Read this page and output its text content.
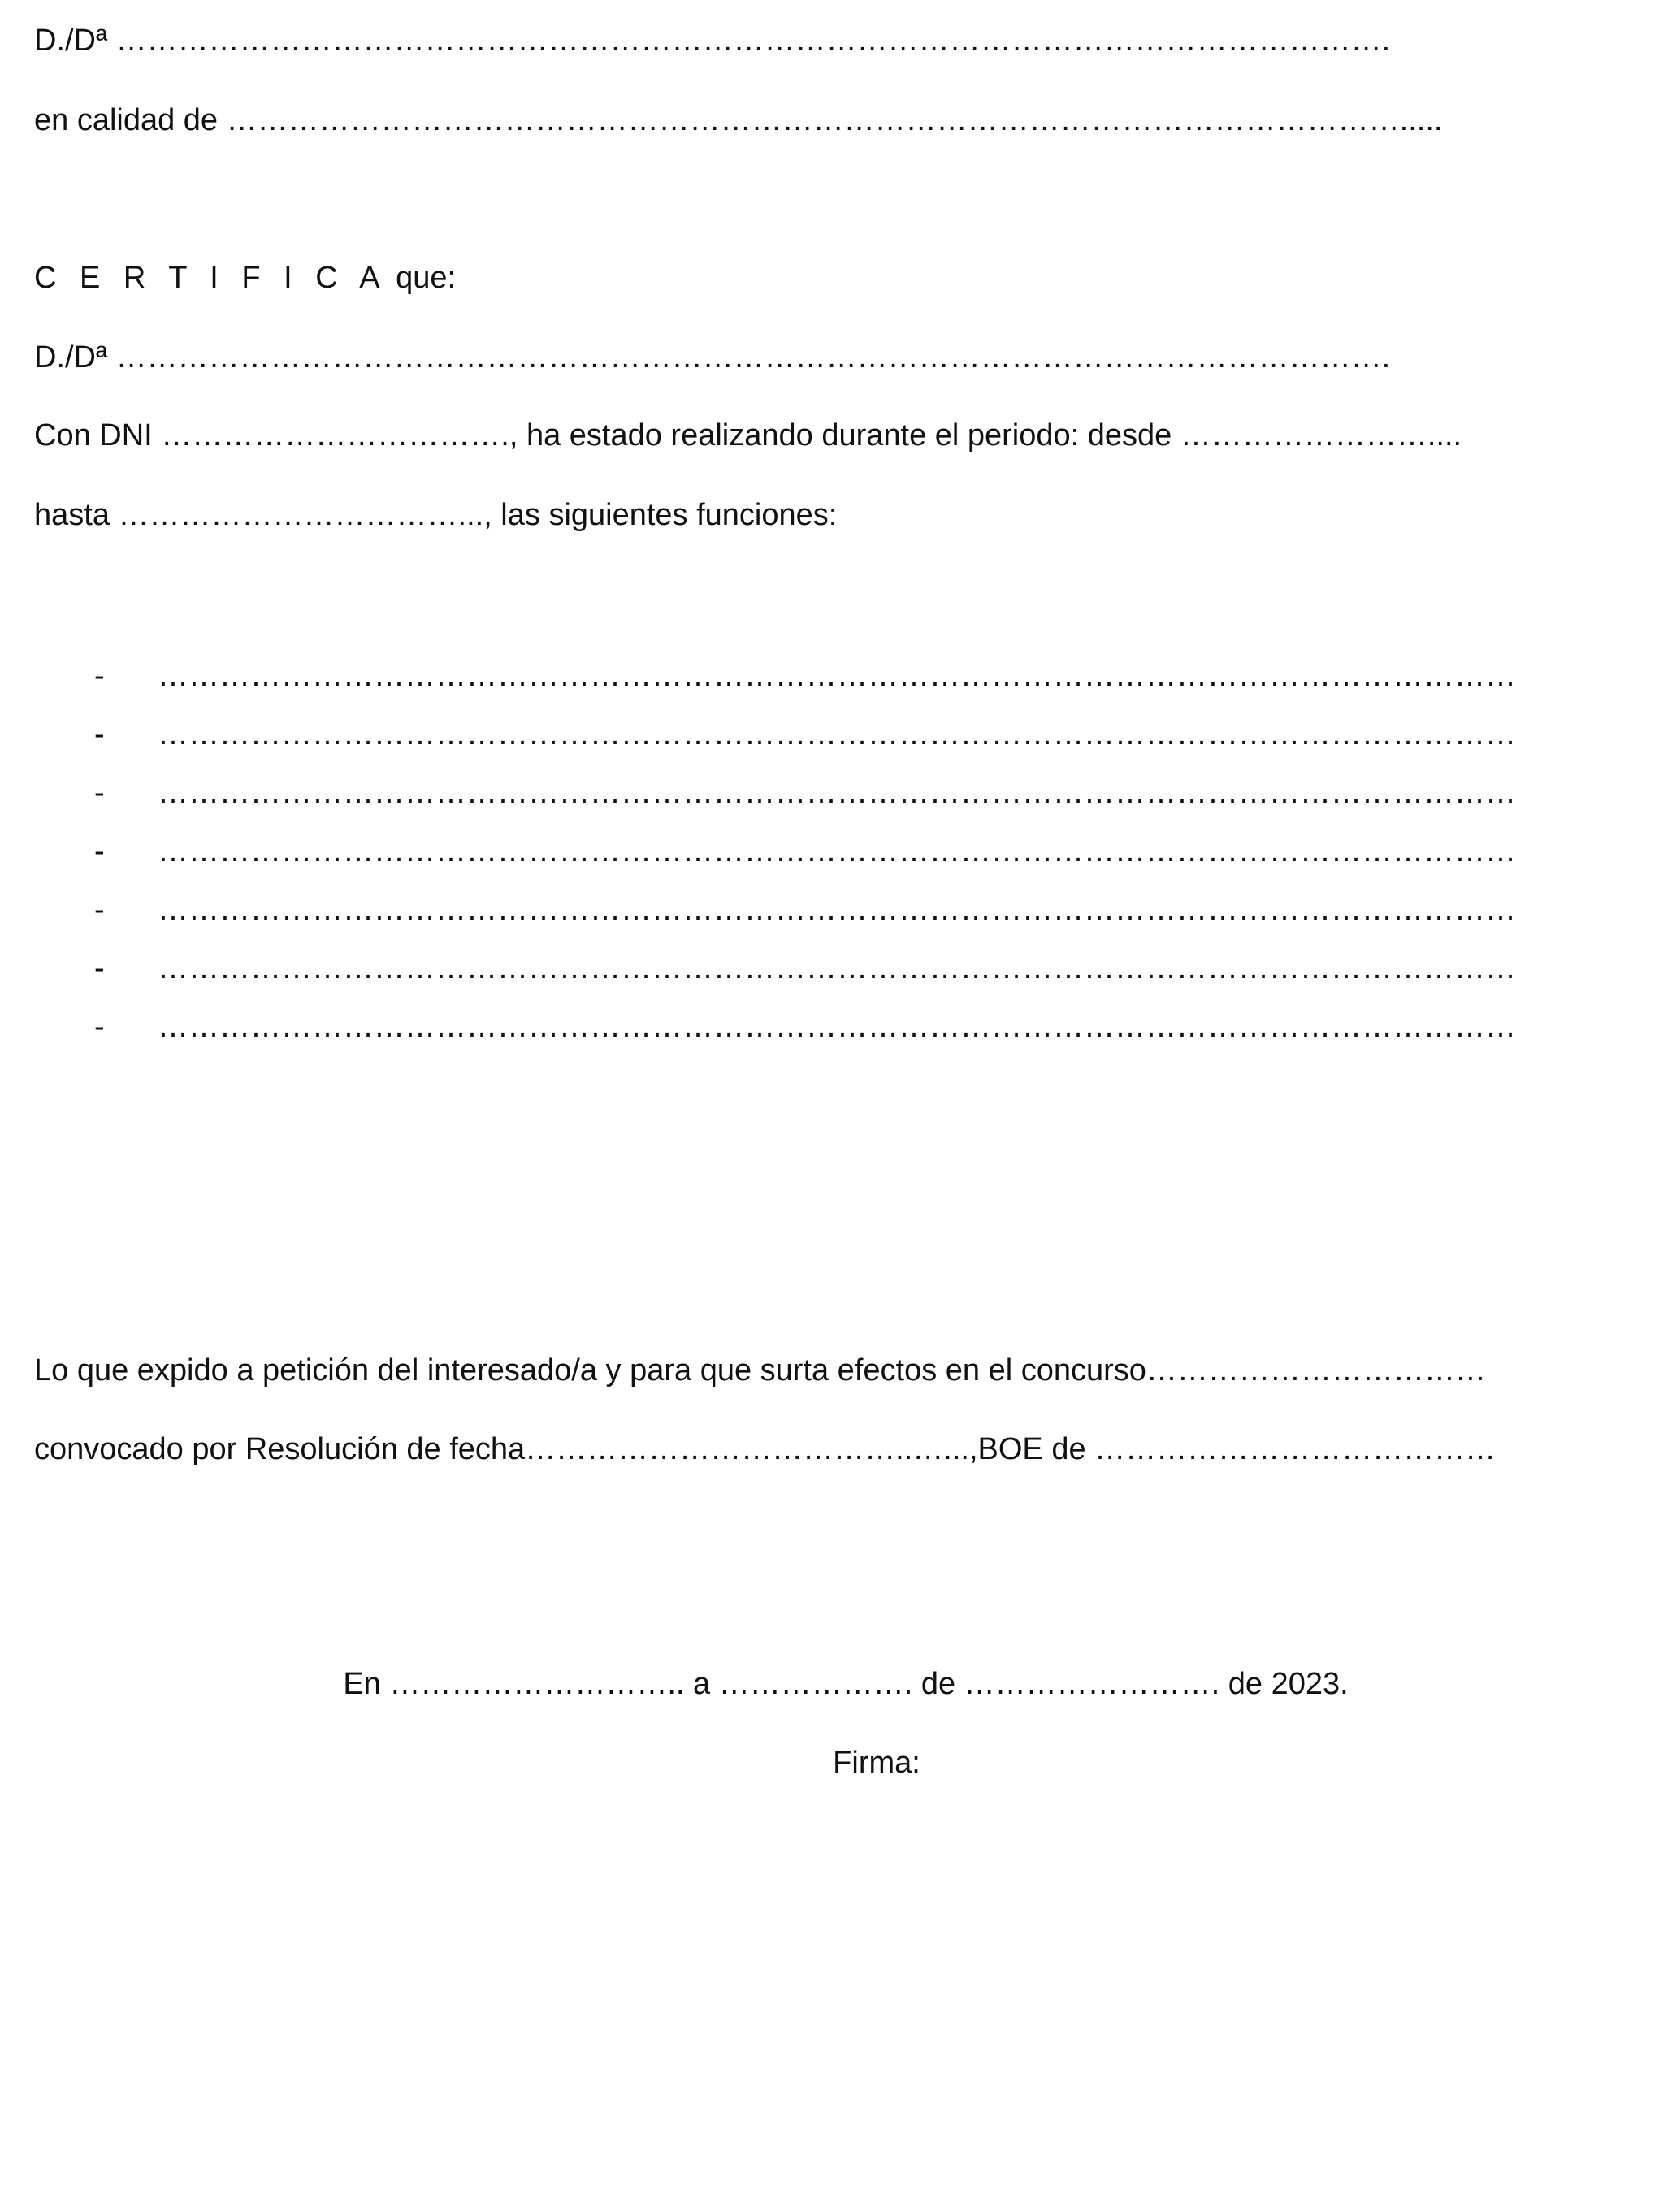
D./Dª …………………………………………………………………………………………………………….
en calidad de …………………………………………………………………………………………………….....
C E R T I F I C A que:
D./Dª …………………………………………………………………………………………………………….
Con DNI ……………………………., ha estado realizando durante el periodo: desde ……………………....
hasta ……………………………..., las siguientes funciones:
- ……………………………………………………………………………………………………………………
- ……………………………………………………………………………………………………………………
- ……………………………………………………………………………………………………………………
- ……………………………………………………………………………………………………………………
- ……………………………………………………………………………………………………………………
- ……………………………………………………………………………………………………………………
- ……………………………………………………………………………………………………………………
Lo que expido a petición del interesado/a y para que surta efectos en el concurso……………………………
convocado por Resolución de fecha………………………………..…...,BOE de …………………………………
En ……………………….. a ………………. de ……………………. de 2023.
Firma:
